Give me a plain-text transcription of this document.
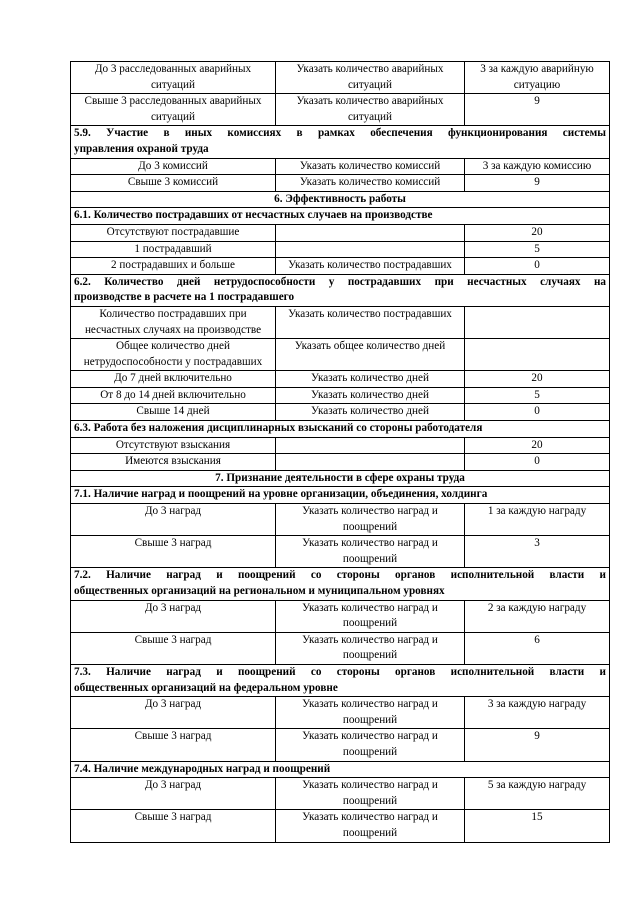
До 3 расследованных аварийных ситуаций	Указать количество аварийных ситуаций	3 за каждую аварийную ситуацию
Свыше 3 расследованных аварийных ситуаций	Указать количество аварийных ситуаций	9

5.9. Участие в иных комиссиях в рамках обеспечения функционирования системы
управления охраной труда		

До 3 комиссий	Указать количество комиссий	3 за каждую комиссию
Свыше 3 комиссий	Указать количество комиссий	9
6. Эффективность работы		

6.1. Количество пострадавших от несчастных случаев на производстве		

Отсутствуют пострадавшие		20
1 пострадавший		5
2 пострадавших и больше	Указать количество пострадавших	0

6.2. Количество дней нетрудоспособности у пострадавших при несчастных случаях на
производстве в расчете на 1 пострадавшего		

Количество пострадавших при несчастных случаях на производстве	Указать количество пострадавших	
Общее количество дней нетрудоспособности у пострадавших	Указать общее количество дней	
До 7 дней включительно	Указать количество дней	20
От 8 до 14 дней включительно	Указать количество дней	5
Свыше 14 дней	Указать количество дней	0

6.3. Работа без наложения дисциплинарных взысканий со стороны работодателя		

Отсутствуют взыскания		20
Имеются взыскания		0
7. Признание деятельности в сфере охраны труда		

7.1. Наличие наград и поощрений на уровне организации, объединения, холдинга		

До 3 наград	Указать количество наград и поощрений	1 за каждую награду
Свыше 3 наград	Указать количество наград и поощрений	3

7.2. Наличие наград и поощрений со стороны органов исполнительной власти и
общественных организаций на региональном и муниципальном уровнях		

До 3 наград	Указать количество наград и поощрений	2 за каждую награду
Свыше 3 наград	Указать количество наград и поощрений	6

7.3. Наличие наград и поощрений со стороны органов исполнительной власти и
общественных организаций на федеральном уровне		

До 3 наград	Указать количество наград и поощрений	3 за каждую награду
Свыше 3 наград	Указать количество наград и поощрений	9

7.4. Наличие международных наград и поощрений		

До 3 наград	Указать количество наград и поощрений	5 за каждую награду
Свыше 3 наград	Указать количество наград и поощрений	15
